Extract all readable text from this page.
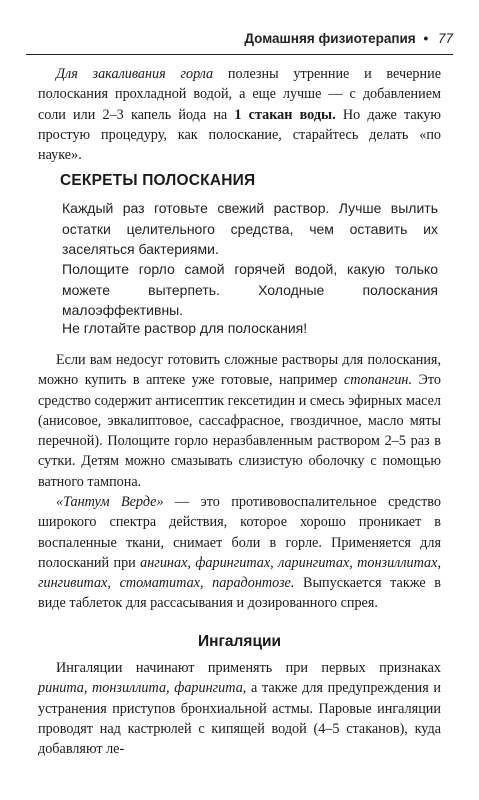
Домашняя физиотерапия • 77

Для закаливания горла полезны утренние и вечерние полоскания прохладной водой, а еще лучше — с добавлением соли или 2–3 капель йода на 1 стакан воды. Но даже такую простую процедуру, как полоскание, старайтесь делать «по науке».

СЕКРЕТЫ ПОЛОСКАНИЯ

Каждый раз готовьте свежий раствор. Лучше вылить остатки целительного средства, чем оставить их заселяться бактериями.

Полощите горло самой горячей водой, какую только можете вытерпеть. Холодные полоскания малоэффективны.

Не глотайте раствор для полоскания!

Если вам недосуг готовить сложные растворы для полоскания, можно купить в аптеке уже готовые, например стопангин. Это средство содержит антисептик гексетидин и смесь эфирных масел (анисовое, эвкалиптовое, сассафрасное, гвоздичное, масло мяты перечной). Полощите горло неразбавленным раствором 2–5 раз в сутки. Детям можно смазывать слизистую оболочку с помощью ватного тампона.

«Тантум Верде» — это противовоспалительное средство широкого спектра действия, которое хорошо проникает в воспаленные ткани, снимает боли в горле. Применяется для полосканий при ангинах, фарингитах, ларингитах, тонзиллитах, гингивитах, стоматитах, парадонтозе. Выпускается также в виде таблеток для рассасывания и дозированного спрея.

Ингаляции

Ингаляции начинают применять при первых признаках ринита, тонзиллита, фарингита, а также для предупреждения и устранения приступов бронхиальной астмы. Паровые ингаляции проводят над кастрюлей с кипящей водой (4–5 стаканов), куда добавляют ле-
